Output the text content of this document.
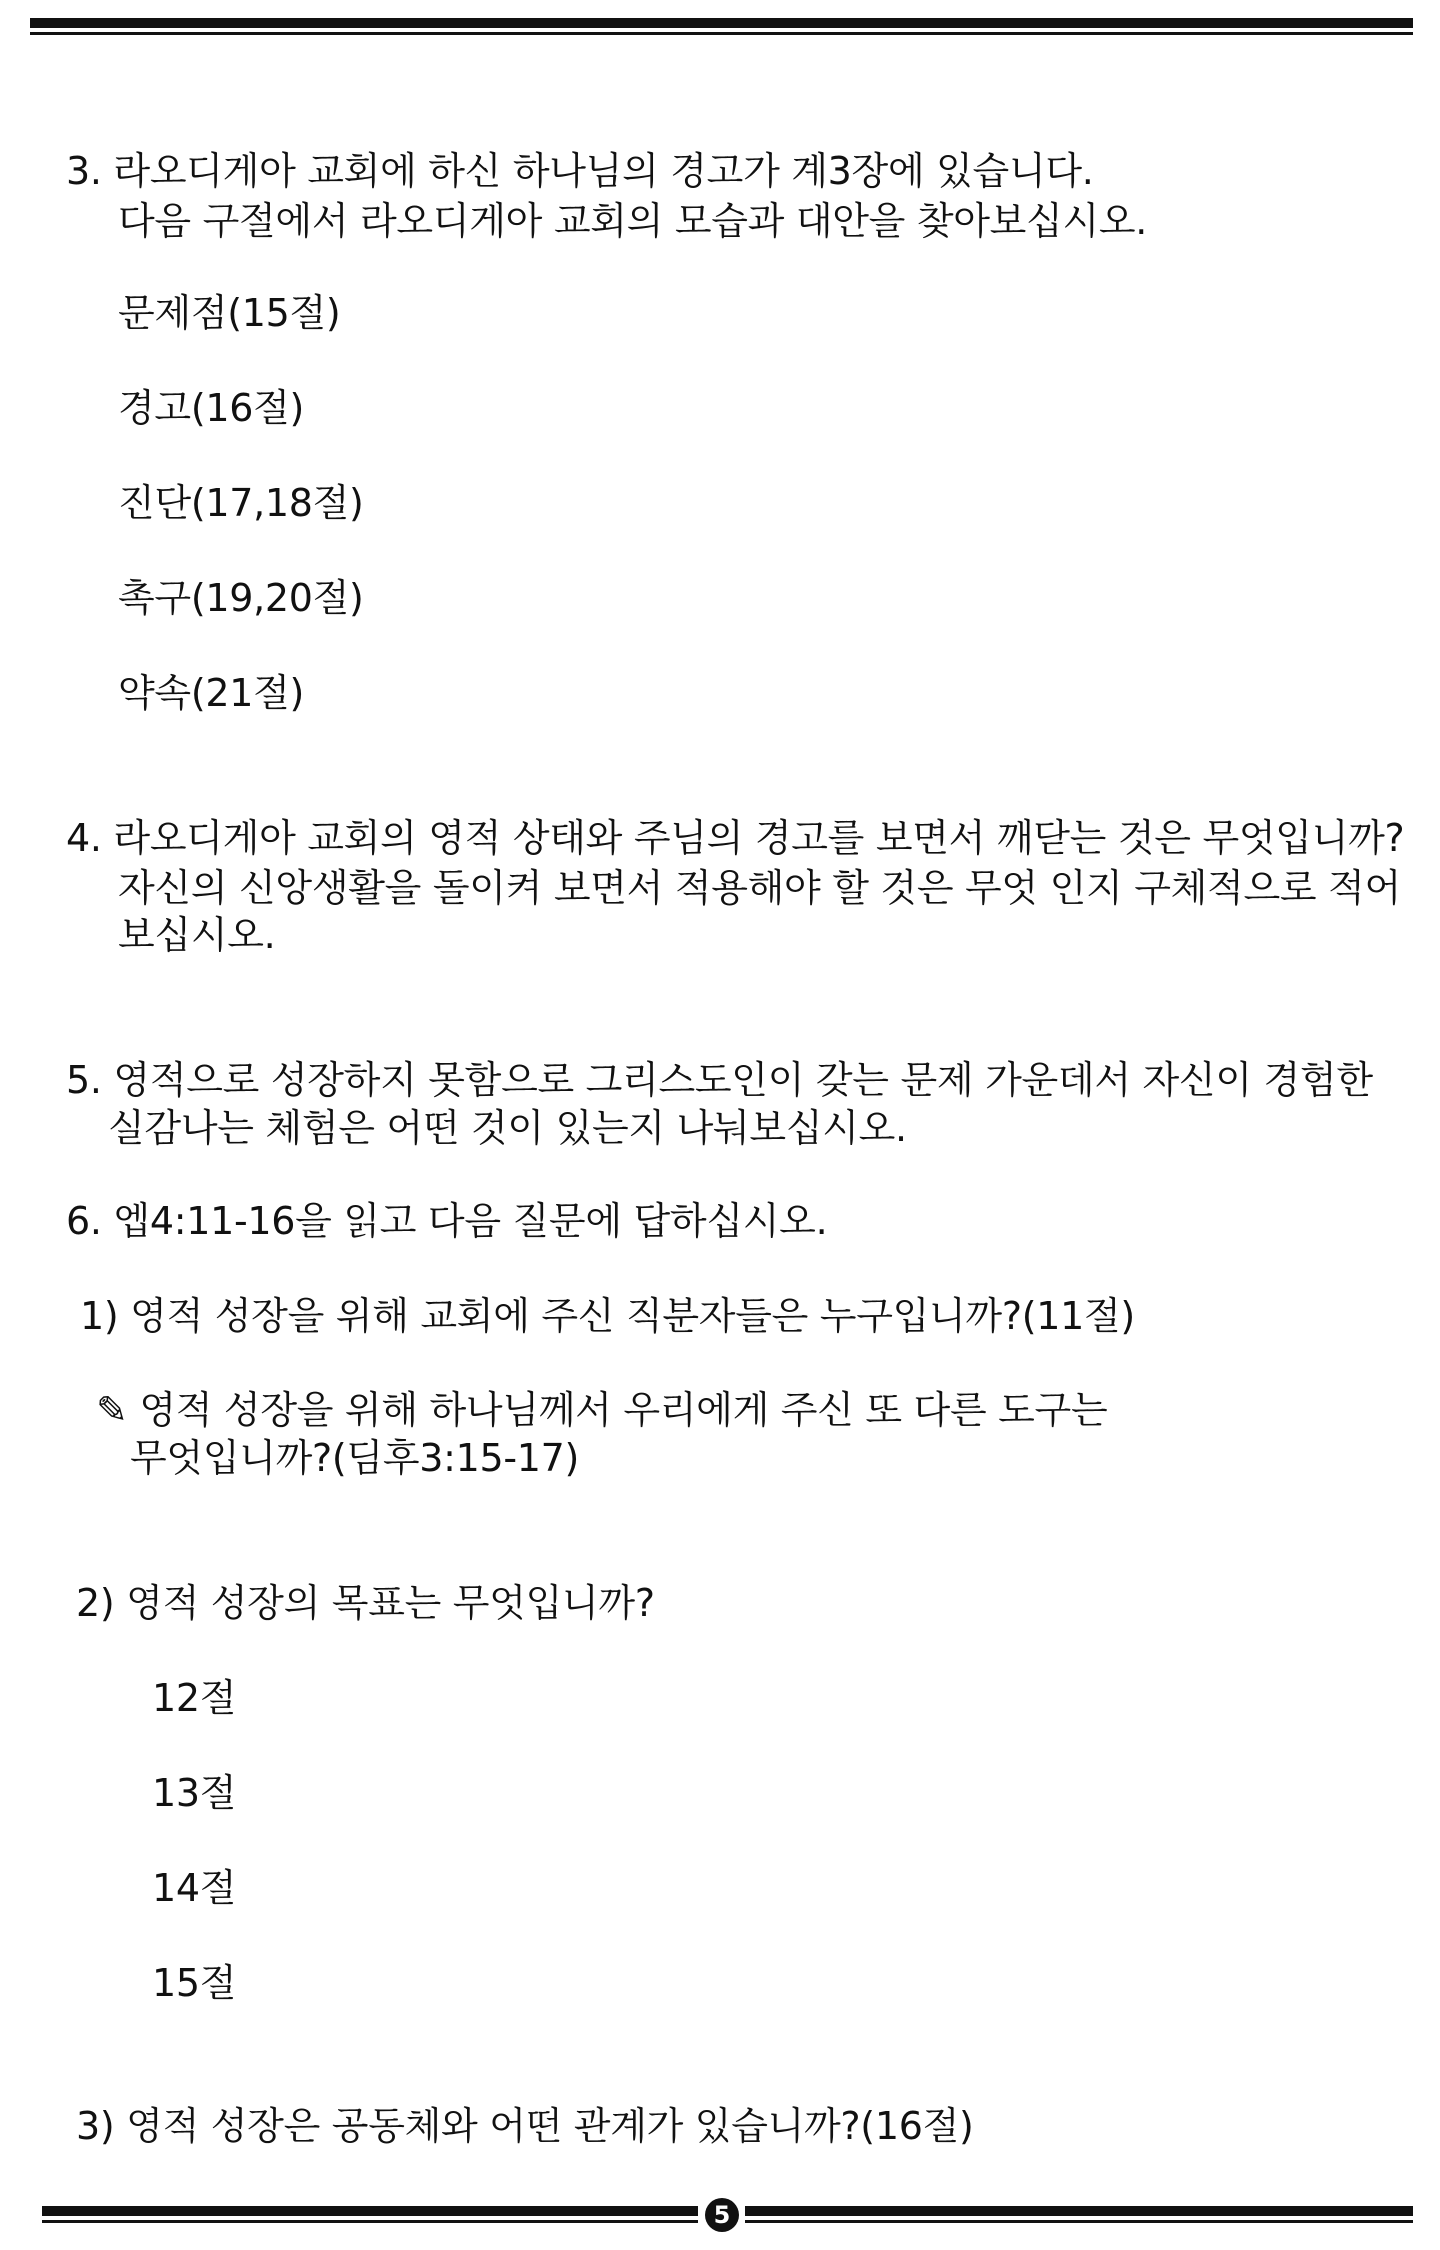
3. 라오디게아 교회에 하신 하나님의 경고가 계3장에 있습니다.
다음 구절에서 라오디게아 교회의 모습과 대안을 찾아보십시오.
문제점(15절)
경고(16절)
진단(17,18절)
촉구(19,20절)
약속(21절)
4. 라오디게아 교회의 영적 상태와 주님의 경고를 보면서 깨닫는 것은 무엇입니까?
자신의 신앙생활을 돌이켜 보면서 적용해야 할 것은 무엇 인지 구체적으로 적어
보십시오.
5. 영적으로 성장하지 못함으로 그리스도인이 갖는 문제 가운데서 자신이 경험한
실감나는 체험은 어떤 것이 있는지 나눠보십시오.
6. 엡4:11-16을 읽고 다음 질문에 답하십시오.
1) 영적 성장을 위해 교회에 주신 직분자들은 누구입니까?(11절)
✎ 영적 성장을 위해 하나님께서 우리에게 주신 또 다른 도구는
무엇입니까?(딤후3:15-17)
2) 영적 성장의 목표는 무엇입니까?
12절
13절
14절
15절
3) 영적 성장은 공동체와 어떤 관계가 있습니까?(16절)
5
